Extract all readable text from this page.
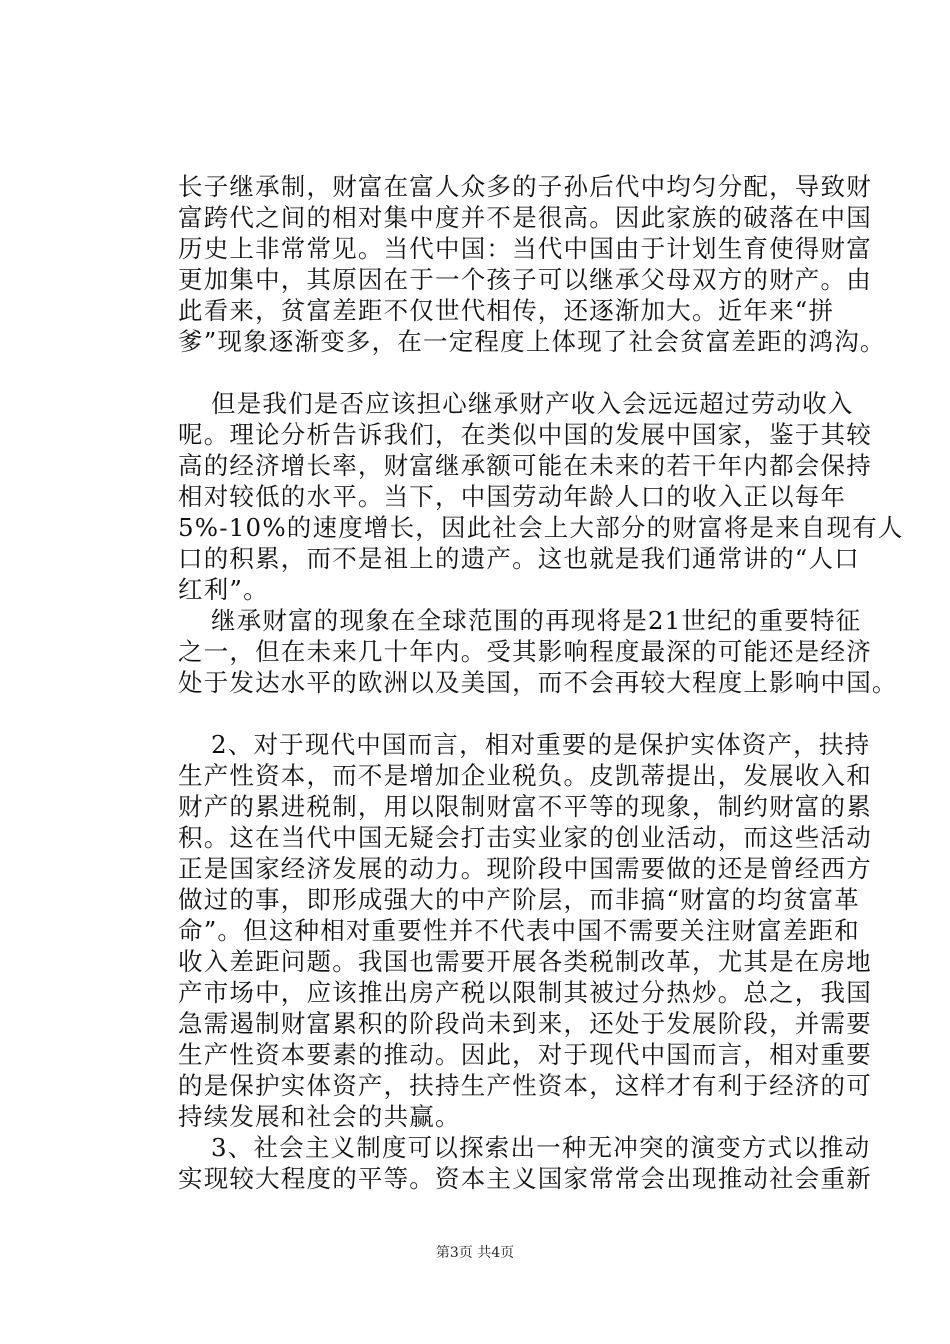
长子继承制，财富在富人众多的子孙后代中均匀分配，导致财
富跨代之间的相对集中度并不是很高。因此家族的破落在中国
历史上非常常见。当代中国：当代中国由于计划生育使得财富
更加集中，其原因在于一个孩子可以继承父母双方的财产。由
此看来，贫富差距不仅世代相传，还逐渐加大。近年来“拼
爹”现象逐渐变多，在一定程度上体现了社会贫富差距的鸿沟。
但是我们是否应该担心继承财产收入会远远超过劳动收入
呢。理论分析告诉我们，在类似中国的发展中国家，鉴于其较
高的经济增长率，财富继承额可能在未来的若干年内都会保持
相对较低的水平。当下，中国劳动年龄人口的收入正以每年
5%-10%的速度增长，因此社会上大部分的财富将是来自现有人
口的积累，而不是祖上的遗产。这也就是我们通常讲的“人口
红利”。
继承财富的现象在全球范围的再现将是21世纪的重要特征
之一，但在未来几十年内。受其影响程度最深的可能还是经济
处于发达水平的欧洲以及美国，而不会再较大程度上影响中国。
2、对于现代中国而言，相对重要的是保护实体资产，扶持
生产性资本，而不是增加企业税负。皮凯蒂提出，发展收入和
财产的累进税制，用以限制财富不平等的现象，制约财富的累
积。这在当代中国无疑会打击实业家的创业活动，而这些活动
正是国家经济发展的动力。现阶段中国需要做的还是曾经西方
做过的事，即形成强大的中产阶层，而非搞“财富的均贫富革
命”。但这种相对重要性并不代表中国不需要关注财富差距和
收入差距问题。我国也需要开展各类税制改革，尤其是在房地
产市场中，应该推出房产税以限制其被过分热炒。总之，我国
急需遏制财富累积的阶段尚未到来，还处于发展阶段，并需要
生产性资本要素的推动。因此，对于现代中国而言，相对重要
的是保护实体资产，扶持生产性资本，这样才有利于经济的可
持续发展和社会的共赢。
3、社会主义制度可以探索出一种无冲突的演变方式以推动
实现较大程度的平等。资本主义国家常常会出现推动社会重新
第3页 共4页
